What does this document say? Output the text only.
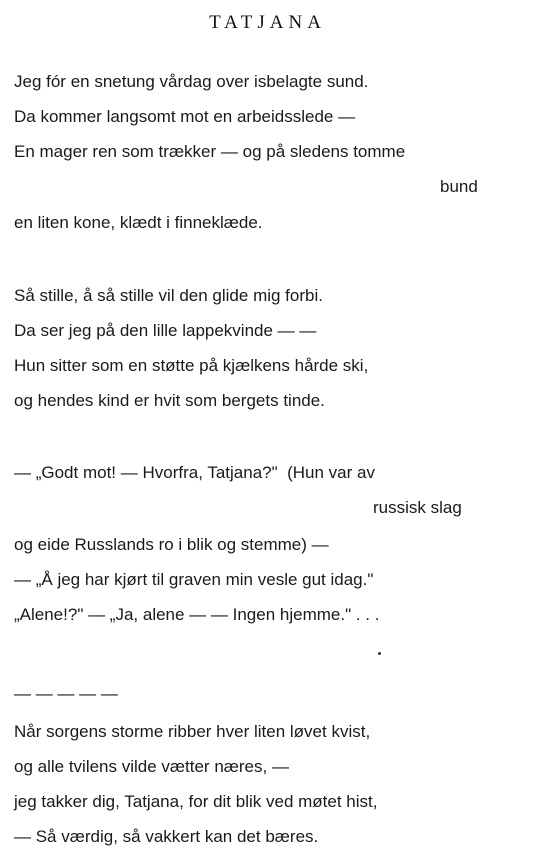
TATJANA
Jeg fór en snetung vårdag over isbelagte sund.
Da kommer langsomt mot en arbeidsslede —
En mager ren som trækker — og på sledens tomme
bund
en liten kone, klædt i finneklæde.
Så stille, å så stille vil den glide mig forbi.
Da ser jeg på den lille lappekvinde — —
Hun sitter som en støtte på kjælkens hårde ski,
og hendes kind er hvit som bergets tinde.
— „Godt mot! — Hvorfra, Tatjana?"  (Hun var av
russisk slag
og eide Russlands ro i blik og stemme) —
— „Å jeg har kjørt til graven min vesle gut idag."
„Alene!?" — „Ja, alene — — Ingen hjemme." . . .
— — — — —
Når sorgens storme ribber hver liten løvet kvist,
og alle tvilens vilde vætter næres, —
jeg takker dig, Tatjana, for dit blik ved møtet hist,
— Så værdig, så vakkert kan det bæres.
